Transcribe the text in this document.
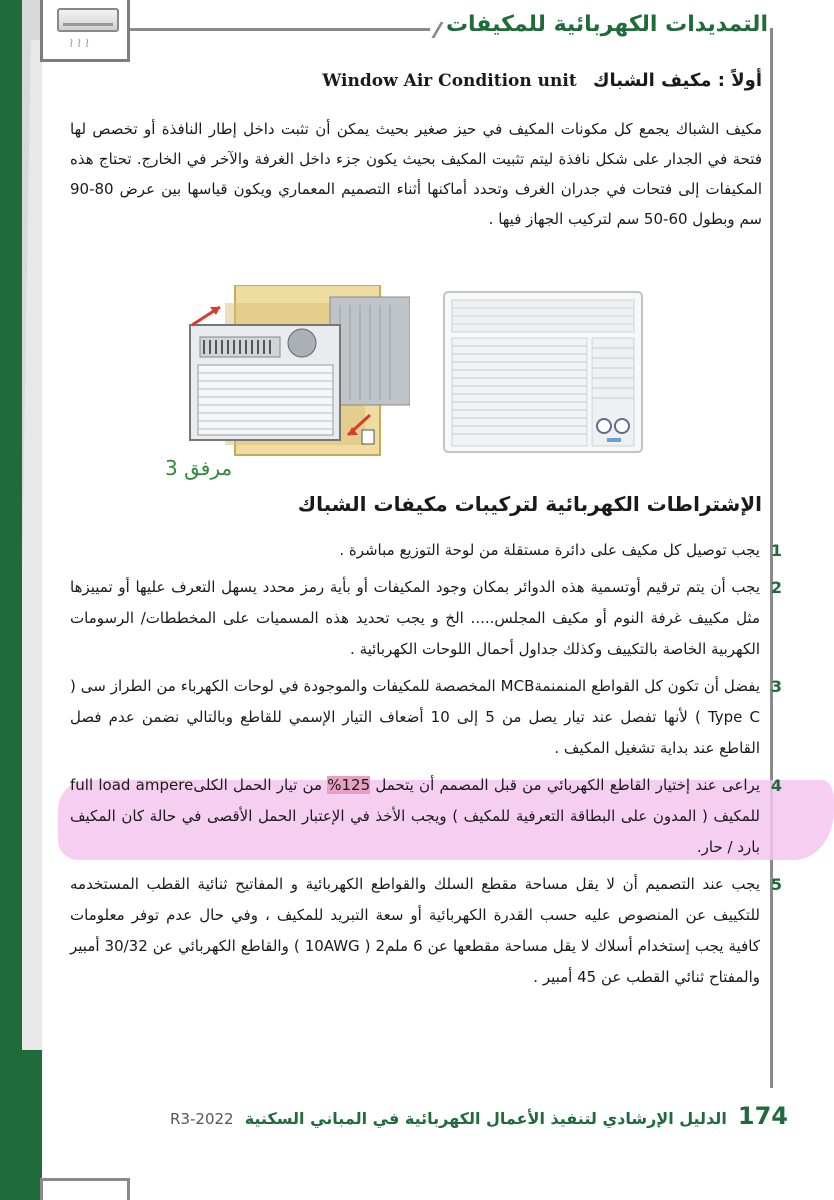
≀≀≀
التمديدات الكهربائية للمكيفات
أولاً : مكيف الشباك Window Air Condition unit
مكيف الشباك يجمع كل مكونات المكيف في حيز صغير بحيث يمكن أن تثبت داخل إطار النافذة أو تخصص لها فتحة في الجدار على شكل نافذة ليتم تثبيت المكيف بحيث يكون جزء داخل الغرفة والآخر في الخارج. تحتاج هذه المكيفات إلى فتحات في جدران الغرف وتحدد أماكنها أثناء التصميم المعماري ويكون قياسها بين عرض 80-90 سم وبطول 60-50 سم لتركيب الجهاز فيها .
مرفق 3
الإشتراطات الكهربائية لتركيبات مكيفات الشباك
1
يجب توصيل كل مكيف على دائرة مستقلة من لوحة التوزيع مباشرة .
2
يجب أن يتم ترقيم أوتسمية هذه الدوائر بمكان وجود المكيفات أو بأية رمز محدد يسهل التعرف عليها أو تمييزها مثل مكييف غرفة النوم أو مكيف المجلس..... الخ و يجب تحديد هذه المسميات على المخططات/ الرسومات الكهربية الخاصة بالتكييف وكذلك جداول أحمال اللوحات الكهربائية .
3
يفضل أن تكون كل القواطع المنمنمةMCB المخصصة للمكيفات والموجودة في لوحات الكهرباء من الطراز سى ( Type C ) لأنها تفصل عند تيار يصل من 5 إلى 10 أضعاف التيار الإسمي للقاطع وبالتالي نضمن عدم فصل القاطع عند بداية تشغيل المكيف .
4
يراعى عند إختيار القاطع الكهربائي من قبل المصمم أن يتحمل 125% من تيار الحمل الكلىfull load ampere للمكيف ( المدون على البطاقة التعرفية للمكيف ) ويجب الأخذ في الإعتبار الحمل الأقصى في حالة كان المكيف بارد / حار.
5
يجب عند التصميم أن لا يقل مساحة مقطع السلك والقواطع الكهربائية و المفاتيح ثنائية القطب المستخدمه للتكييف عن المنصوص عليه حسب القدرة الكهربائية أو سعة التبريد للمكيف ، وفي حال عدم توفر معلومات كافية يجب إستخدام أسلاك لا يقل مساحة مقطعها عن 6 ملم2 ( 10AWG ) والقاطع الكهربائي عن 30/32 أمبير والمفتاح ثنائي القطب عن 45 أمبير .
174 الدليل الإرشادي لتنفيذ الأعمال الكهربائية في المباني السكنية 2022-R3
